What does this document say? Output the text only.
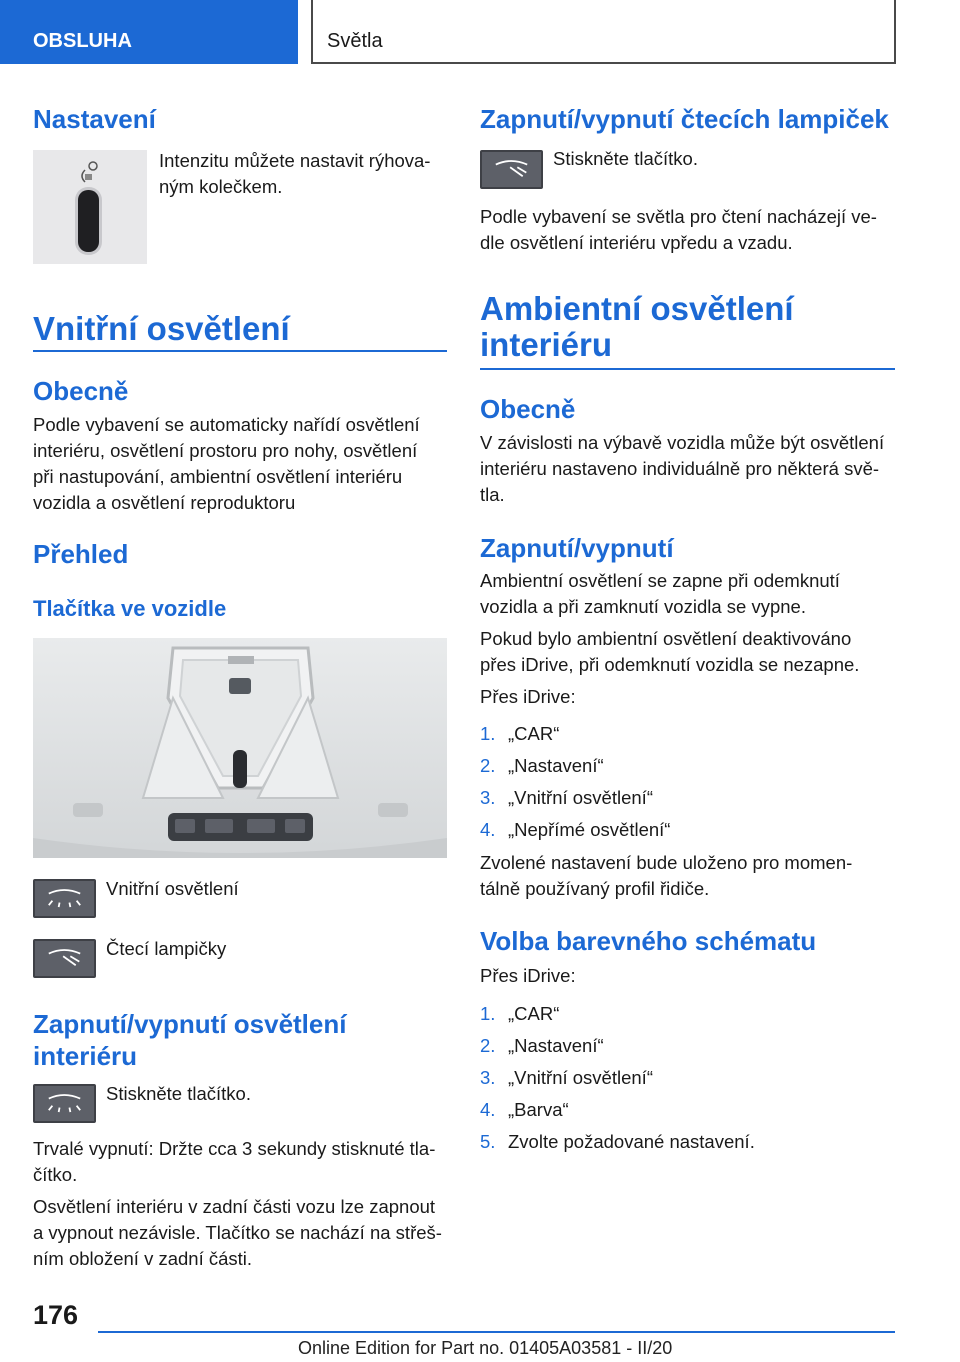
OBSLUHA	Světla
Nastavení
Intenzitu můžete nastavit rýhova-
ným kolečkem.
Vnitřní osvětlení
Obecně
Podle vybavení se automaticky nařídí osvětlení
interiéru, osvětlení prostoru pro nohy, osvětlení
při nastupování, ambientní osvětlení interiéru
vozidla a osvětlení reproduktoru
Přehled
Tlačítka ve vozidle
Vnitřní osvětlení
Čtecí lampičky
Zapnutí/vypnutí osvětlení
interiéru
Stiskněte tlačítko.
Trvalé vypnutí: Držte cca 3 sekundy stisknuté tla-
čítko.
Osvětlení interiéru v zadní části vozu lze zapnout
a vypnout nezávisle. Tlačítko se nachází na střeš-
ním obložení v zadní části.
Zapnutí/vypnutí čtecích lampiček
Stiskněte tlačítko.
Podle vybavení se světla pro čtení nacházejí ve-
dle osvětlení interiéru vpředu a vzadu.
Ambientní osvětlení
interiéru
Obecně
V závislosti na výbavě vozidla může být osvětlení
interiéru nastaveno individuálně pro některá svě-
tla.
Zapnutí/vypnutí
Ambientní osvětlení se zapne při odemknutí
vozidla a při zamknutí vozidla se vypne.
Pokud bylo ambientní osvětlení deaktivováno
přes iDrive, při odemknutí vozidla se nezapne.
Přes iDrive:
1. „CAR“
2. „Nastavení“
3. „Vnitřní osvětlení“
4. „Nepřímé osvětlení“
Zvolené nastavení bude uloženo pro momen-
tálně používaný profil řidiče.
Volba barevného schématu
Přes iDrive:
1. „CAR“
2. „Nastavení“
3. „Vnitřní osvětlení“
4. „Barva“
5. Zvolte požadované nastavení.
176
Online Edition for Part no. 01405A03581 - II/20
